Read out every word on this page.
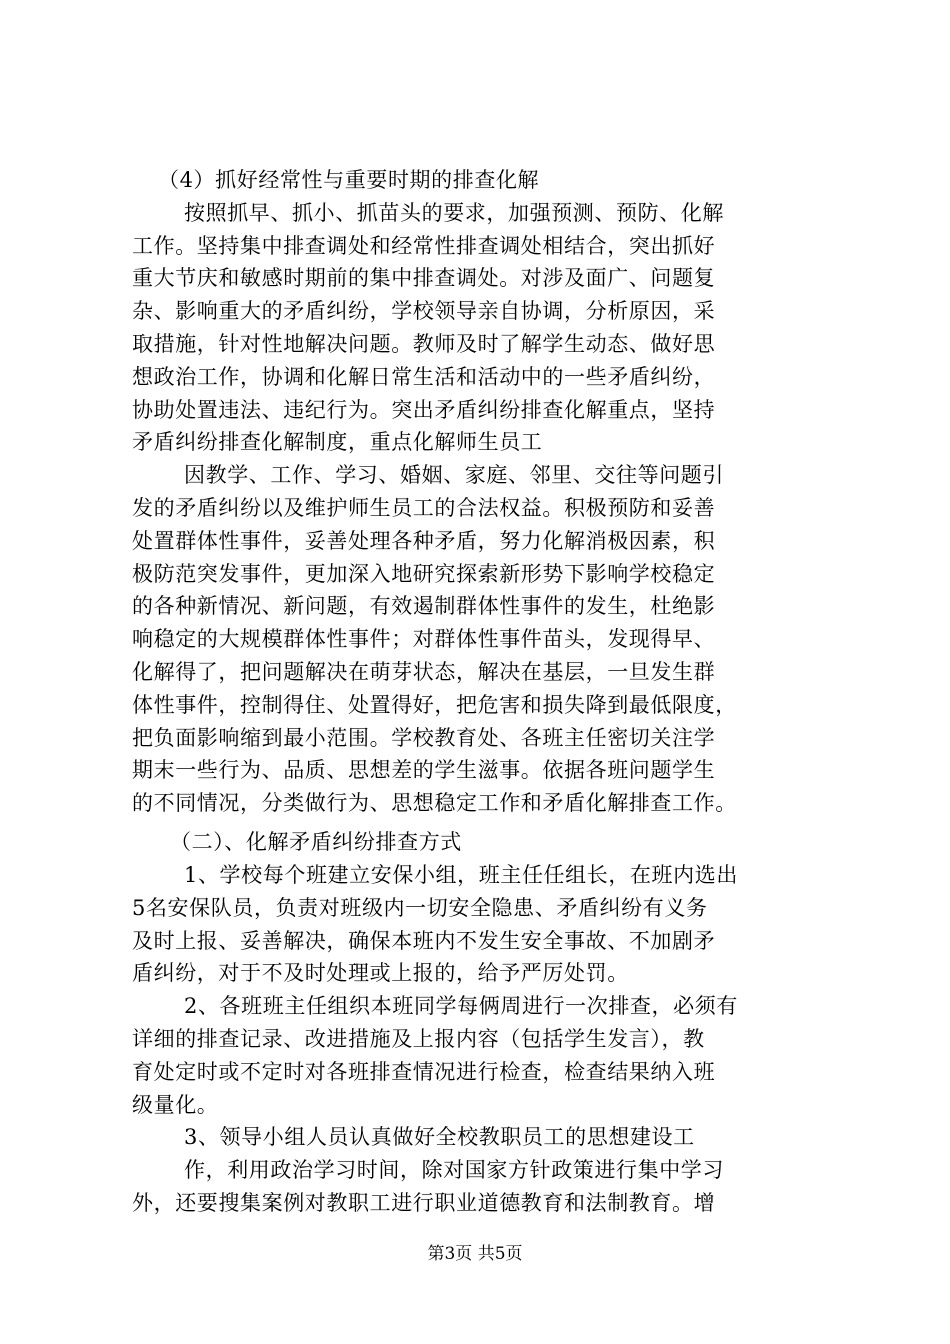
（4）抓好经常性与重要时期的排查化解
按照抓早、抓小、抓苗头的要求，加强预测、预防、化解
工作。坚持集中排查调处和经常性排查调处相结合，突出抓好
重大节庆和敏感时期前的集中排查调处。对涉及面广、问题复
杂、影响重大的矛盾纠纷，学校领导亲自协调，分析原因，采
取措施，针对性地解决问题。教师及时了解学生动态、做好思
想政治工作，协调和化解日常生活和活动中的一些矛盾纠纷，
协助处置违法、违纪行为。突出矛盾纠纷排查化解重点，坚持
矛盾纠纷排查化解制度，重点化解师生员工
因教学、工作、学习、婚姻、家庭、邻里、交往等问题引
发的矛盾纠纷以及维护师生员工的合法权益。积极预防和妥善
处置群体性事件，妥善处理各种矛盾，努力化解消极因素，积
极防范突发事件，更加深入地研究探索新形势下影响学校稳定
的各种新情况、新问题，有效遏制群体性事件的发生，杜绝影
响稳定的大规模群体性事件；对群体性事件苗头，发现得早、
化解得了，把问题解决在萌芽状态，解决在基层，一旦发生群
体性事件，控制得住、处置得好，把危害和损失降到最低限度，
把负面影响缩到最小范围。学校教育处、各班主任密切关注学
期末一些行为、品质、思想差的学生滋事。依据各班问题学生
的不同情况，分类做行为、思想稳定工作和矛盾化解排查工作。
（二）、化解矛盾纠纷排查方式
1、学校每个班建立安保小组，班主任任组长，在班内选出
5名安保队员，负责对班级内一切安全隐患、矛盾纠纷有义务
及时上报、妥善解决，确保本班内不发生安全事故、不加剧矛
盾纠纷，对于不及时处理或上报的，给予严厉处罚。
2、各班班主任组织本班同学每俩周进行一次排查，必须有
详细的排查记录、改进措施及上报内容（包括学生发言），教
育处定时或不定时对各班排查情况进行检查，检查结果纳入班
级量化。
3、领导小组人员认真做好全校教职员工的思想建设工
作，利用政治学习时间，除对国家方针政策进行集中学习
外，还要搜集案例对教职工进行职业道德教育和法制教育。增
第3页 共5页
